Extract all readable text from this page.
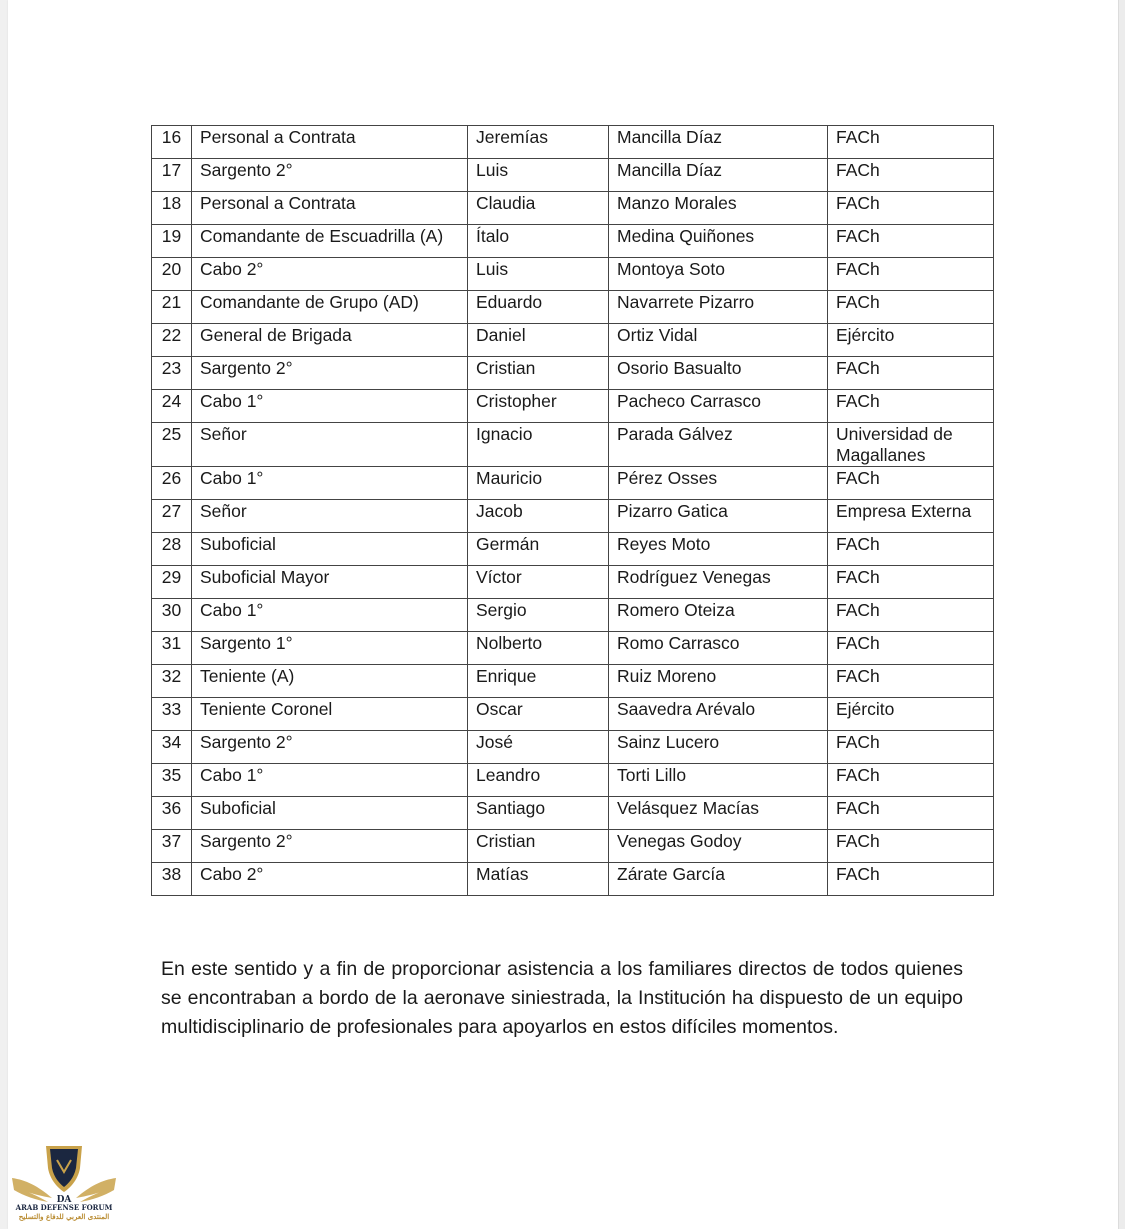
16	Personal a Contrata	Jeremías	Mancilla Díaz	FACh
17	Sargento 2°	Luis	Mancilla Díaz	FACh
18	Personal a Contrata	Claudia	Manzo Morales	FACh
19	Comandante de Escuadrilla (A)	Ítalo	Medina Quiñones	FACh
20	Cabo 2°	Luis	Montoya Soto	FACh
21	Comandante de Grupo (AD)	Eduardo	Navarrete Pizarro	FACh
22	General de Brigada	Daniel	Ortiz Vidal	Ejército
23	Sargento 2°	Cristian	Osorio Basualto	FACh
24	Cabo 1°	Cristopher	Pacheco Carrasco	FACh
25	Señor	Ignacio	Parada Gálvez	Universidad de Magallanes
26	Cabo 1°	Mauricio	Pérez Osses	FACh
27	Señor	Jacob	Pizarro Gatica	Empresa Externa
28	Suboficial	Germán	Reyes Moto	FACh
29	Suboficial Mayor	Víctor	Rodríguez Venegas	FACh
30	Cabo 1°	Sergio	Romero Oteiza	FACh
31	Sargento 1°	Nolberto	Romo Carrasco	FACh
32	Teniente (A)	Enrique	Ruiz Moreno	FACh
33	Teniente Coronel	Oscar	Saavedra Arévalo	Ejército
34	Sargento 2°	José	Sainz Lucero	FACh
35	Cabo 1°	Leandro	Torti Lillo	FACh
36	Suboficial	Santiago	Velásquez Macías	FACh
37	Sargento 2°	Cristian	Venegas Godoy	FACh
38	Cabo 2°	Matías	Zárate García	FACh
En este sentido y a fin de proporcionar asistencia a los familiares directos de todos quienes se encontraban a bordo de la aeronave siniestrada, la Institución ha dispuesto de un equipo multidisciplinario de profesionales para apoyarlos en estos difíciles momentos.
DA
ARAB DEFENSE FORUM
المنتدى العربي للدفاع والتسليح
